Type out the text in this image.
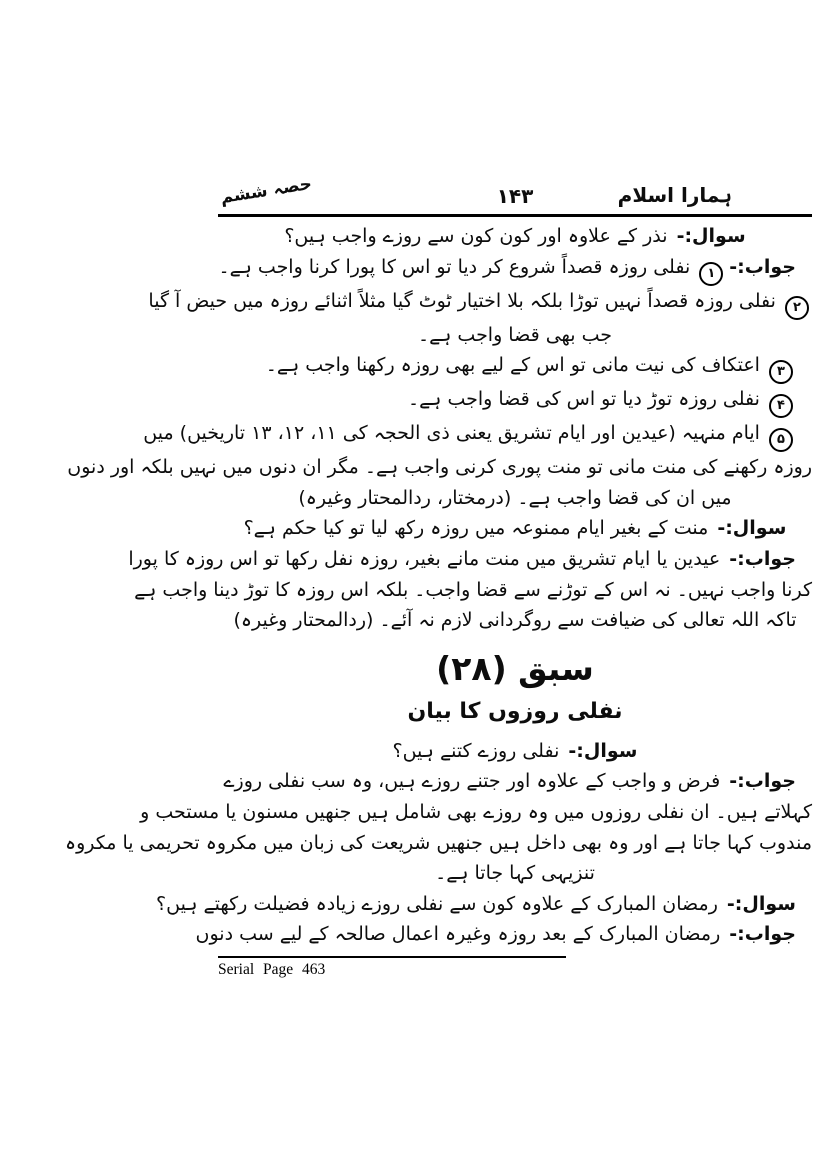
حصہ ششم	۱۴۳	ہمارا اسلام
سوال:- نذر کے علاوہ اور کون کون سے روزے واجب ہیں؟
جواب:-۱ نفلی روزہ قصداً شروع کر دیا تو اس کا پورا کرنا واجب ہے۔
۲ نفلی روزہ قصداً نہیں توڑا بلکہ بلا اختیار ٹوٹ گیا مثلاً اثنائے روزہ میں حیض آ گیا
جب بھی قضا واجب ہے۔
۳ اعتکاف کی نیت مانی تو اس کے لیے بھی روزہ رکھنا واجب ہے۔
۴ نفلی روزہ توڑ دیا تو اس کی قضا واجب ہے۔
۵ ایام منہیہ (عیدین اور ایام تشریق یعنی ذی الحجہ کی ۱۱، ۱۲، ۱۳ تاریخیں) میں
روزہ رکھنے کی منت مانی تو منت پوری کرنی واجب ہے۔ مگر ان دنوں میں نہیں بلکہ اور دنوں
میں ان کی قضا واجب ہے۔ (درمختار، ردالمحتار وغیرہ)
سوال:- منت کے بغیر ایام ممنوعہ میں روزہ رکھ لیا تو کیا حکم ہے؟
جواب:- عیدین یا ایام تشریق میں منت مانے بغیر، روزہ نفل رکھا تو اس روزہ کا پورا
کرنا واجب نہیں۔ نہ اس کے توڑنے سے قضا واجب۔ بلکہ اس روزہ کا توڑ دینا واجب ہے
تاکہ اللہ تعالی کی ضیافت سے روگردانی لازم نہ آئے۔ (ردالمحتار وغیرہ)
سبق (۲۸)
نفلی روزوں کا بیان
سوال:- نفلی روزے کتنے ہیں؟
جواب:- فرض و واجب کے علاوہ اور جتنے روزے ہیں، وہ سب نفلی روزے
کہلاتے ہیں۔ ان نفلی روزوں میں وہ روزے بھی شامل ہیں جنھیں مسنون یا مستحب و
مندوب کہا جاتا ہے اور وہ بھی داخل ہیں جنھیں شریعت کی زبان میں مکروہ تحریمی یا مکروہ
تنزیہی کہا جاتا ہے۔
سوال:- رمضان المبارک کے علاوہ کون سے نفلی روزے زیادہ فضیلت رکھتے ہیں؟
جواب:- رمضان المبارک کے بعد روزہ وغیرہ اعمال صالحہ کے لیے سب دنوں
Serial Page 463
